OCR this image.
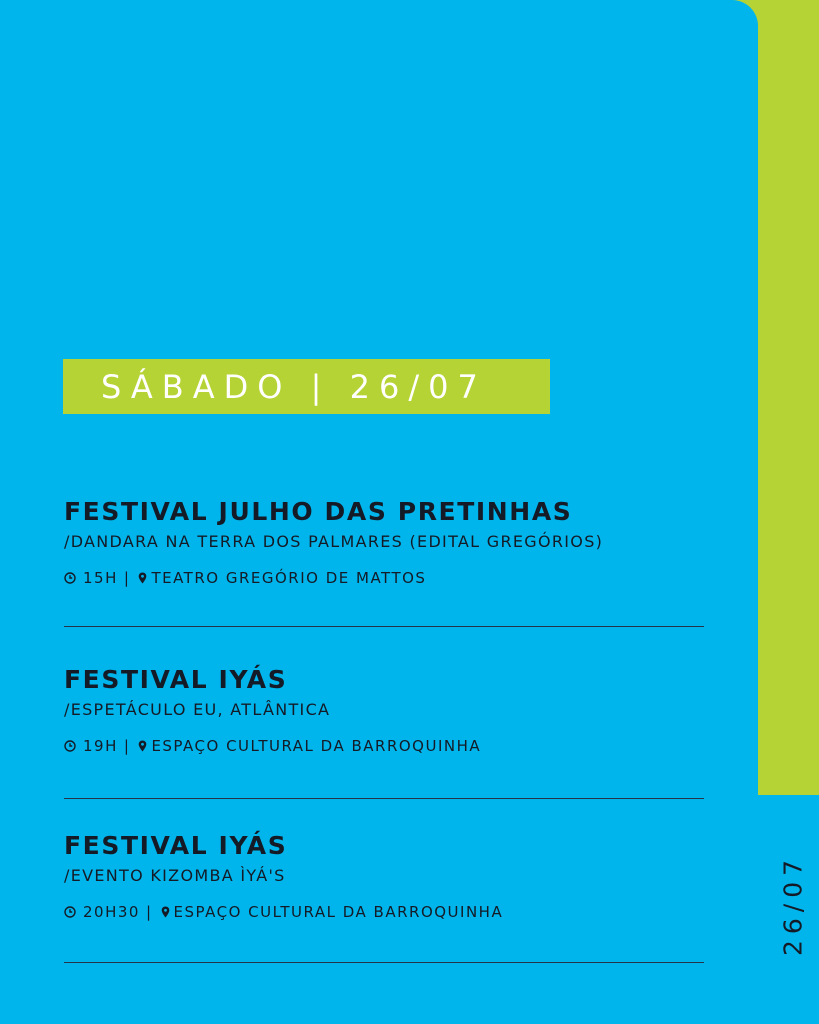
SÁBADO | 26/07
FESTIVAL JULHO DAS PRETINHAS
/DANDARA NA TERRA DOS PALMARES (EDITAL GREGÓRIOS)
15H | TEATRO GREGÓRIO DE MATTOS
FESTIVAL IYÁS
/ESPETÁCULO EU, ATLÂNTICA
19H | ESPAÇO CULTURAL DA BARROQUINHA
FESTIVAL IYÁS
/EVENTO KIZOMBA ÌYÁ'S
20H30 | ESPAÇO CULTURAL DA BARROQUINHA	26/07
